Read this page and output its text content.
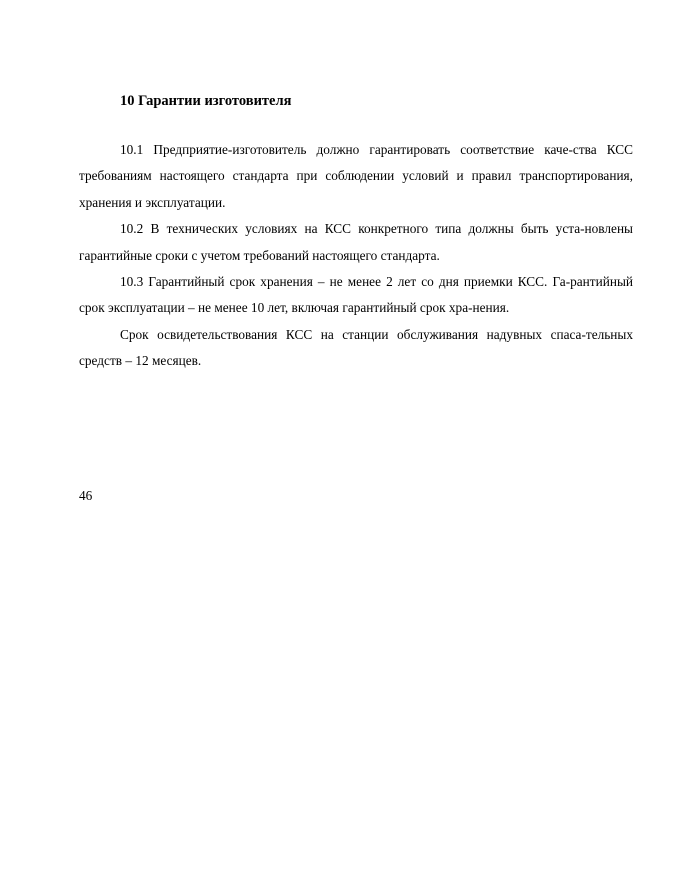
10 Гарантии изготовителя

10.1 Предприятие-изготовитель должно гарантировать соответствие каче-ства КСС требованиям настоящего стандарта при соблюдении условий и правил транспортирования, хранения и эксплуатации.

10.2 В технических условиях на КСС конкретного типа должны быть уста-новлены гарантийные сроки с учетом требований настоящего стандарта.

10.3 Гарантийный срок хранения – не менее 2 лет со дня приемки КСС. Га-рантийный срок эксплуатации – не менее 10 лет, включая гарантийный срок хра-нения.

Срок освидетельствования КСС на станции обслуживания надувных спаса-тельных средств – 12 месяцев.

46
